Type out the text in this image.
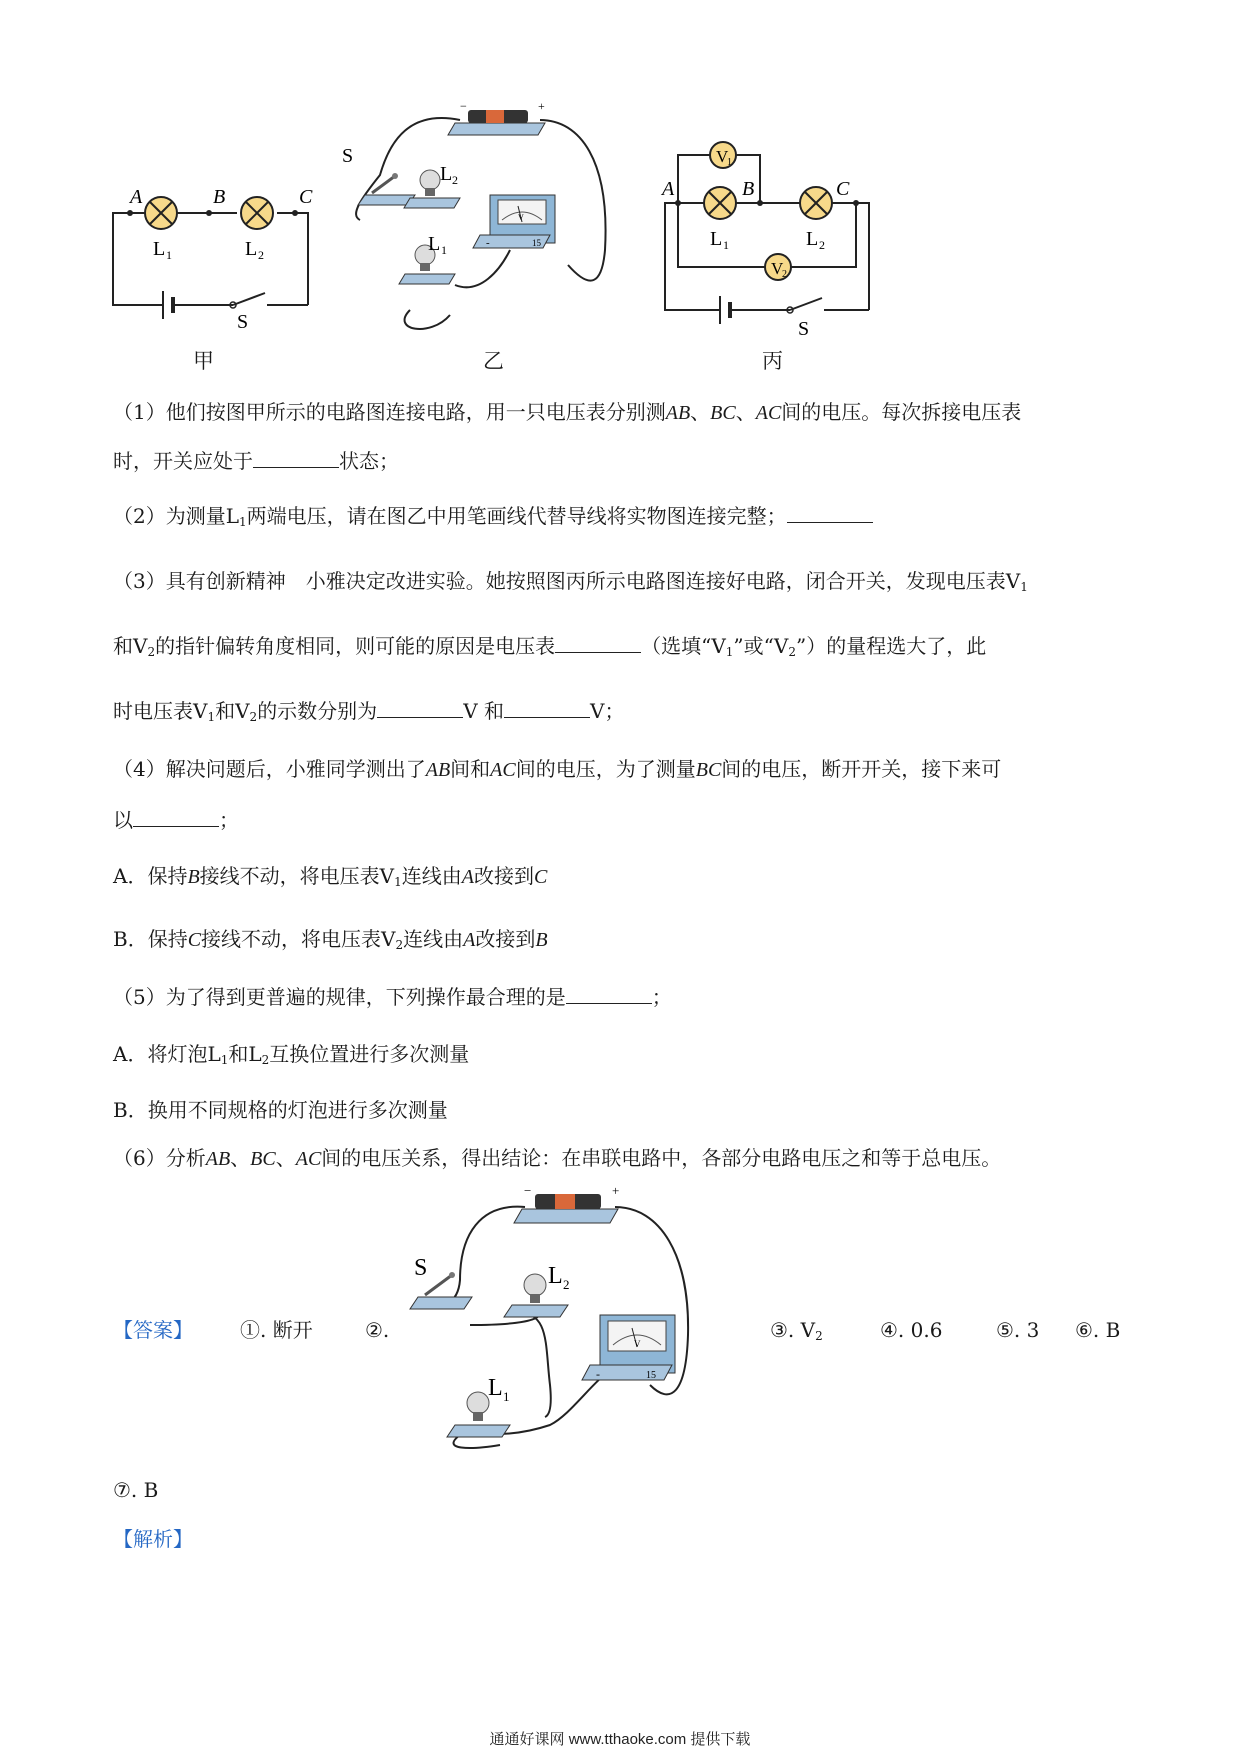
A	B	C
L 1	L 2
S
甲
−	+
S
L 2
-	15
V
L 1
乙
V
1
V
2
A	B	C
L 1	L 2
S
丙
（1）他们按图甲所示的电路图连接电路，用一只电压表分别测AB、BC、AC间的电压。每次拆接电压表
时，开关应处于	状态；
（2）为测量$L_1$两端电压，请在图乙中用笔画线代替导线将实物图连接完整；
（3）具有创新精神　小雅决定改进实验。她按照图丙所示电路图连接好电路，闭合开关，发现电压表$V_1$
和$V_2$的指针偏转角度相同，则可能的原因是电压表	（选填“$V_1$”或“$V_2$”）的量程选大了，此
时电压表$V_1$和$V_2$的示数分别为	V 和	V；
（4）解决问题后，小雅同学测出了AB间和AC间的电压，为了测量BC间的电压，断开开关，接下来可
以	；
A．保持B接线不动，将电压表$V_1$连线由A改接到C
B．保持C接线不动，将电压表$V_2$连线由A改接到B
（5）为了得到更普遍的规律，下列操作最合理的是	；
A．将灯泡$L_1$和$L_2$互换位置进行多次测量
B．换用不同规格的灯泡进行多次测量
（6）分析AB、BC、AC间的电压关系，得出结论：在串联电路中，各部分电路电压之和等于总电压。
【答案】 ①. 断开	②.
−	+
S	L 2
-	15
V
L 1
③. $V_2$	④. 0.6	⑤. 3 ⑥. B
⑦. B
【解析】
通通好课网 www.tthaoke.com 提供下载
